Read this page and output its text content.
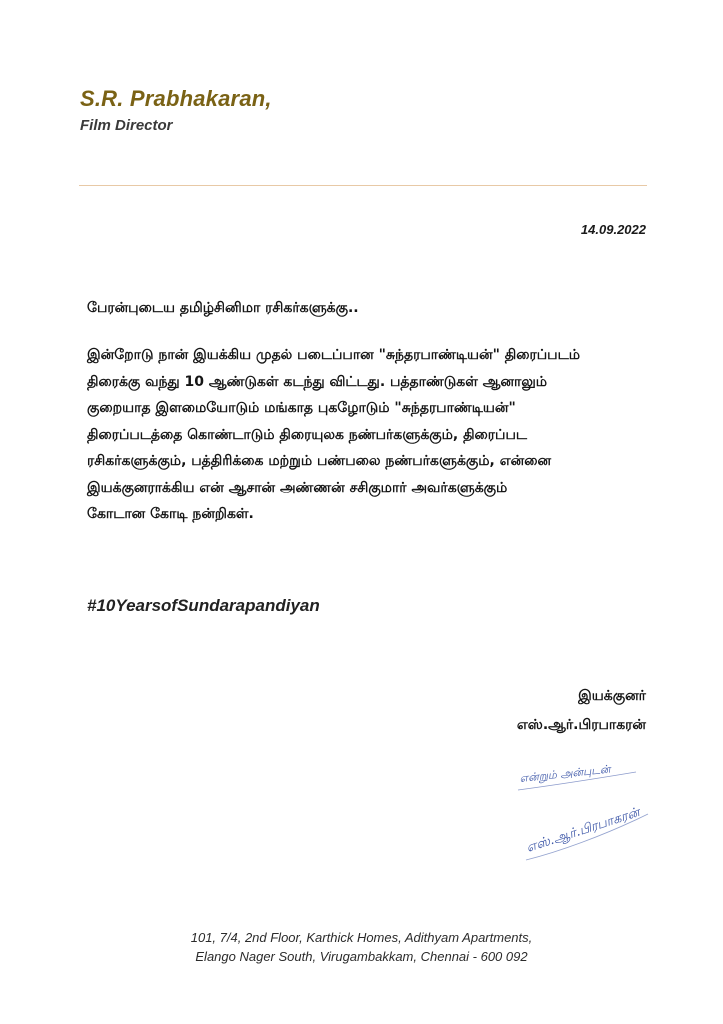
S.R. Prabhakaran,
Film Director
14.09.2022
பேரன்புடைய தமிழ்சினிமா ரசிகர்களுக்கு..
இன்றோடு நான் இயக்கிய முதல் படைப்பான "சுந்தரபாண்டியன்" திரைப்படம்
திரைக்கு வந்து 10 ஆண்டுகள் கடந்து விட்டது. பத்தாண்டுகள் ஆனாலும்
குறையாத இளமையோடும் மங்காத புகழோடும் "சுந்தரபாண்டியன்"
திரைப்படத்தை கொண்டாடும் திரையுலக நண்பர்களுக்கும், திரைப்பட
ரசிகர்களுக்கும், பத்திரிக்கை மற்றும் பண்பலை நண்பர்களுக்கும், என்னை
இயக்குனராக்கிய என் ஆசான் அண்ணன் சசிகுமார் அவர்களுக்கும்
கோடான கோடி நன்றிகள்.
#10YearsofSundarapandiyan
இயக்குனர்
எஸ்.ஆர்.பிரபாகரன்
என்றும் அன்புடன்
எஸ்.ஆர்.பிரபாகரன்
101, 7/4, 2nd Floor, Karthick Homes, Adithyam Apartments,
Elango Nager South, Virugambakkam, Chennai - 600 092
